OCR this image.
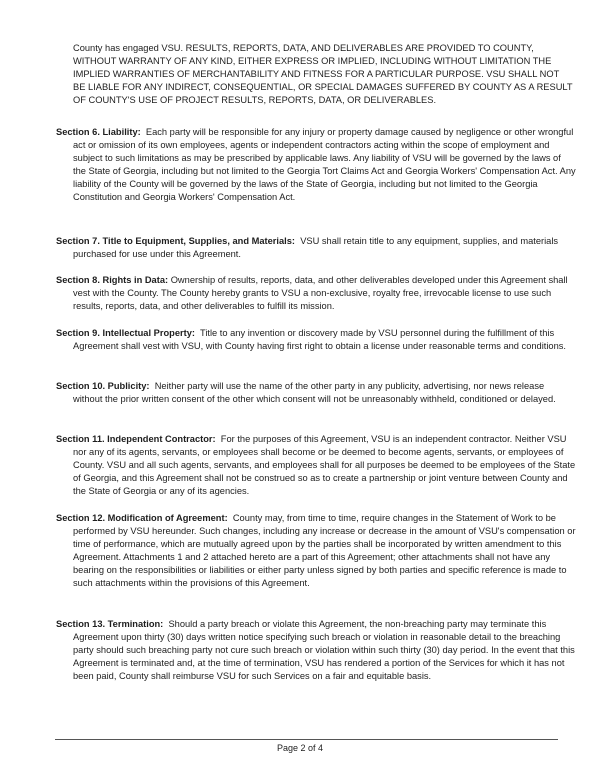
County has engaged VSU. RESULTS, REPORTS, DATA, AND DELIVERABLES ARE PROVIDED TO COUNTY, WITHOUT WARRANTY OF ANY KIND, EITHER EXPRESS OR IMPLIED, INCLUDING WITHOUT LIMITATION THE IMPLIED WARRANTIES OF MERCHANTABILITY AND FITNESS FOR A PARTICULAR PURPOSE. VSU SHALL NOT BE LIABLE FOR ANY INDIRECT, CONSEQUENTIAL, OR SPECIAL DAMAGES SUFFERED BY COUNTY AS A RESULT OF COUNTY'S USE OF PROJECT RESULTS, REPORTS, DATA, OR DELIVERABLES.

Section 6. Liability: Each party will be responsible for any injury or property damage caused by negligence or other wrongful act or omission of its own employees, agents or independent contractors acting within the scope of employment and subject to such limitations as may be prescribed by applicable laws. Any liability of VSU will be governed by the laws of the State of Georgia, including but not limited to the Georgia Tort Claims Act and Georgia Workers' Compensation Act. Any liability of the County will be governed by the laws of the State of Georgia, including but not limited to the Georgia Constitution and Georgia Workers' Compensation Act.

Section 7. Title to Equipment, Supplies, and Materials: VSU shall retain title to any equipment, supplies, and materials purchased for use under this Agreement.

Section 8. Rights in Data: Ownership of results, reports, data, and other deliverables developed under this Agreement shall vest with the County. The County hereby grants to VSU a non-exclusive, royalty free, irrevocable license to use such results, reports, data, and other deliverables to fulfill its mission.

Section 9. Intellectual Property: Title to any invention or discovery made by VSU personnel during the fulfillment of this Agreement shall vest with VSU, with County having first right to obtain a license under reasonable terms and conditions.

Section 10. Publicity: Neither party will use the name of the other party in any publicity, advertising, nor news release without the prior written consent of the other which consent will not be unreasonably withheld, conditioned or delayed.

Section 11. Independent Contractor: For the purposes of this Agreement, VSU is an independent contractor. Neither VSU nor any of its agents, servants, or employees shall become or be deemed to become agents, servants, or employees of County. VSU and all such agents, servants, and employees shall for all purposes be deemed to be employees of the State of Georgia, and this Agreement shall not be construed so as to create a partnership or joint venture between County and the State of Georgia or any of its agencies.

Section 12. Modification of Agreement: County may, from time to time, require changes in the Statement of Work to be performed by VSU hereunder. Such changes, including any increase or decrease in the amount of VSU's compensation or time of performance, which are mutually agreed upon by the parties shall be incorporated by written amendment to this Agreement. Attachments 1 and 2 attached hereto are a part of this Agreement; other attachments shall not have any bearing on the responsibilities or liabilities or either party unless signed by both parties and specific reference is made to such attachments within the provisions of this Agreement.

Section 13. Termination: Should a party breach or violate this Agreement, the non-breaching party may terminate this Agreement upon thirty (30) days written notice specifying such breach or violation in reasonable detail to the breaching party should such breaching party not cure such breach or violation within such thirty (30) day period. In the event that this Agreement is terminated and, at the time of termination, VSU has rendered a portion of the Services for which it has not been paid, County shall reimburse VSU for such Services on a fair and equitable basis.

Page 2 of 4
